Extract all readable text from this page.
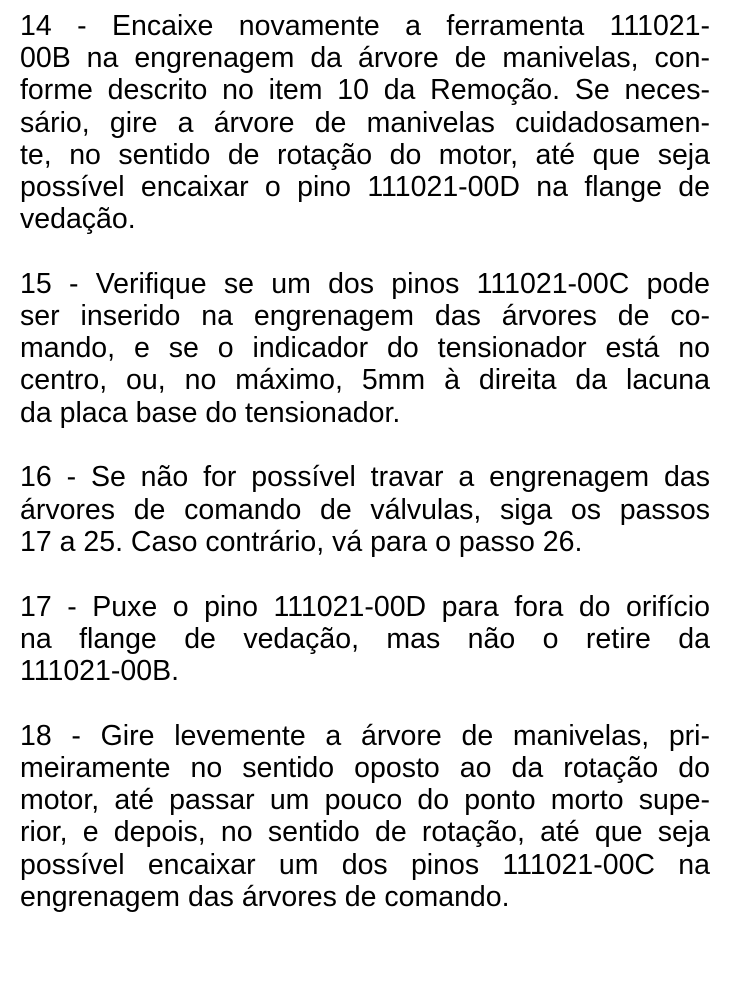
14 - Encaixe novamente a ferramenta 111021-
00B na engrenagem da árvore de manivelas, con-
forme descrito no item 10 da Remoção. Se neces-
sário, gire a árvore de manivelas cuidadosamen-
te, no sentido de rotação do motor, até que seja
possível encaixar o pino 111021-00D na flange de
vedação.
15 - Verifique se um dos pinos 111021-00C pode
ser inserido na engrenagem das árvores de co-
mando, e se o indicador do tensionador está no
centro, ou, no máximo, 5mm à direita da lacuna
da placa base do tensionador.
16 - Se não for possível travar a engrenagem das
árvores de comando de válvulas, siga os passos
17 a 25. Caso contrário, vá para o passo 26.
17 - Puxe o pino 111021-00D para fora do orifício
na flange de vedação, mas não o retire da
111021-00B.
18 - Gire levemente a árvore de manivelas, pri-
meiramente no sentido oposto ao da rotação do
motor, até passar um pouco do ponto morto supe-
rior, e depois, no sentido de rotação, até que seja
possível encaixar um dos pinos 111021-00C na
engrenagem das árvores de comando.
